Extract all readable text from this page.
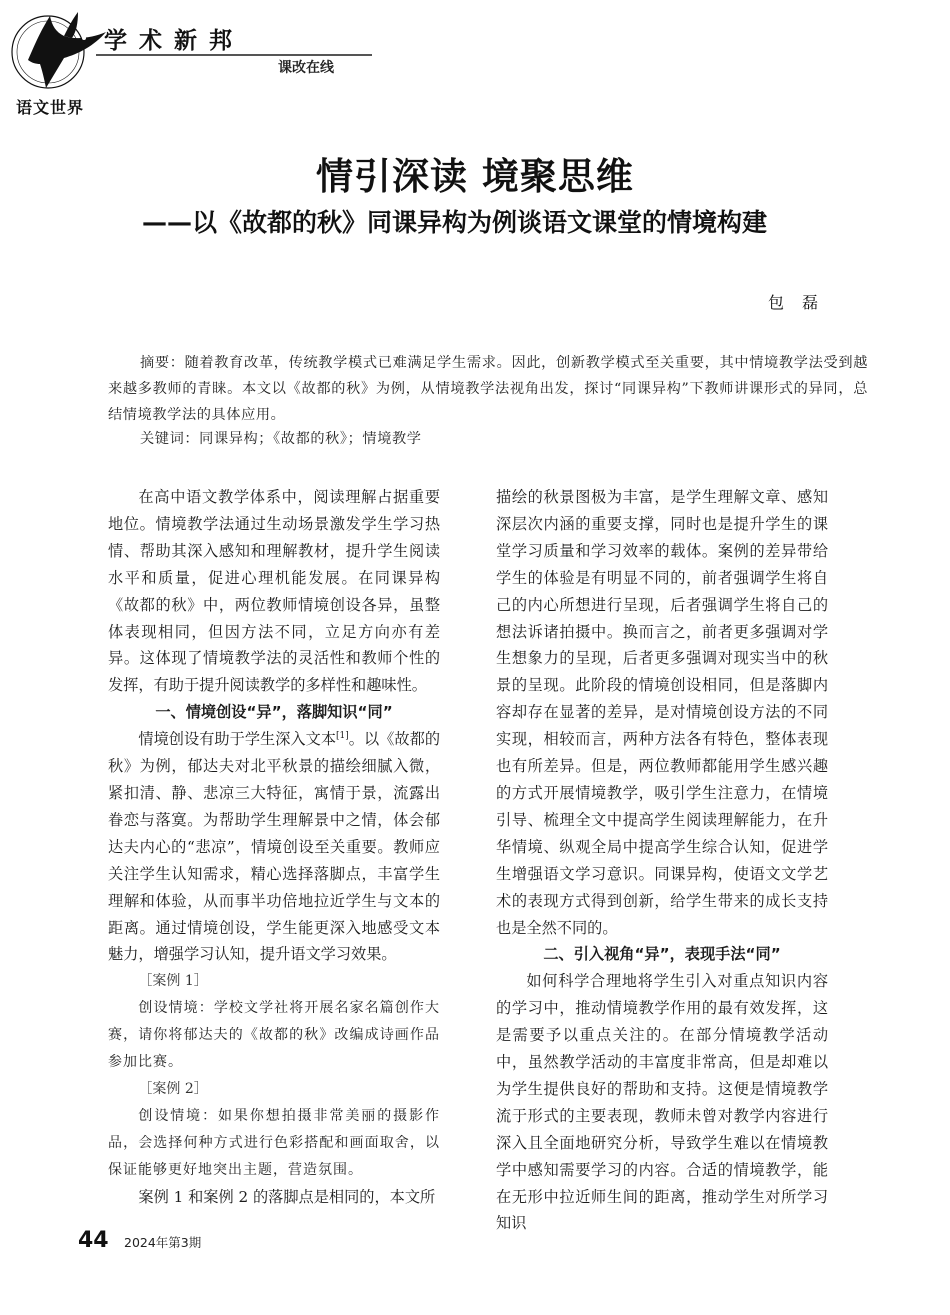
学术新邦
课改在线
语文世界
情引深读 境聚思维
——以《故都的秋》同课异构为例谈语文课堂的情境构建
包磊
摘要：随着教育改革，传统教学模式已难满足学生需求。因此，创新教学模式至关重要，其中情境教学法受到越来越多教师的青睐。本文以《故都的秋》为例，从情境教学法视角出发，探讨“同课异构”下教师讲课形式的异同，总结情境教学法的具体应用。
关键词：同课异构；《故都的秋》；情境教学

在高中语文教学体系中，阅读理解占据重要地位。情境教学法通过生动场景激发学生学习热情、帮助其深入感知和理解教材，提升学生阅读水平和质量，促进心理机能发展。在同课异构《故都的秋》中，两位教师情境创设各异，虽整体表现相同，但因方法不同，立足方向亦有差异。这体现了情境教学法的灵活性和教师个性的发挥，有助于提升阅读教学的多样性和趣味性。

一、情境创设“异”，落脚知识“同”

情境创设有助于学生深入文本[1]。以《故都的秋》为例，郁达夫对北平秋景的描绘细腻入微，紧扣清、静、悲凉三大特征，寓情于景，流露出眷恋与落寞。为帮助学生理解景中之情，体会郁达夫内心的“悲凉”，情境创设至关重要。教师应关注学生认知需求，精心选择落脚点，丰富学生理解和体验，从而事半功倍地拉近学生与文本的距离。通过情境创设，学生能更深入地感受文本魅力，增强学习认知，提升语文学习效果。

［案例 1］

创设情境：学校文学社将开展名家名篇创作大赛，请你将郁达夫的《故都的秋》改编成诗画作品参加比赛。

［案例 2］

创设情境：如果你想拍摄非常美丽的摄影作品，会选择何种方式进行色彩搭配和画面取舍，以保证能够更好地突出主题，营造氛围。

案例 1 和案例 2 的落脚点是相同的，本文所

描绘的秋景图极为丰富，是学生理解文章、感知深层次内涵的重要支撑，同时也是提升学生的课堂学习质量和学习效率的载体。案例的差异带给学生的体验是有明显不同的，前者强调学生将自己的内心所想进行呈现，后者强调学生将自己的想法诉诸拍摄中。换而言之，前者更多强调对学生想象力的呈现，后者更多强调对现实当中的秋景的呈现。此阶段的情境创设相同，但是落脚内容却存在显著的差异，是对情境创设方法的不同实现，相较而言，两种方法各有特色，整体表现也有所差异。但是，两位教师都能用学生感兴趣的方式开展情境教学，吸引学生注意力，在情境引导、梳理全文中提高学生阅读理解能力，在升华情境、纵观全局中提高学生综合认知，促进学生增强语文学习意识。同课异构，使语文文学艺术的表现方式得到创新，给学生带来的成长支持也是全然不同的。

二、引入视角“异”，表现手法“同”

如何科学合理地将学生引入对重点知识内容的学习中，推动情境教学作用的最有效发挥，这是需要予以重点关注的。在部分情境教学活动中，虽然教学活动的丰富度非常高，但是却难以为学生提供良好的帮助和支持。这便是情境教学流于形式的主要表现，教师未曾对教学内容进行深入且全面地研究分析，导致学生难以在情境教学中感知需要学习的内容。合适的情境教学，能在无形中拉近师生间的距离，推动学生对所学习知识

44 2024年第3期
